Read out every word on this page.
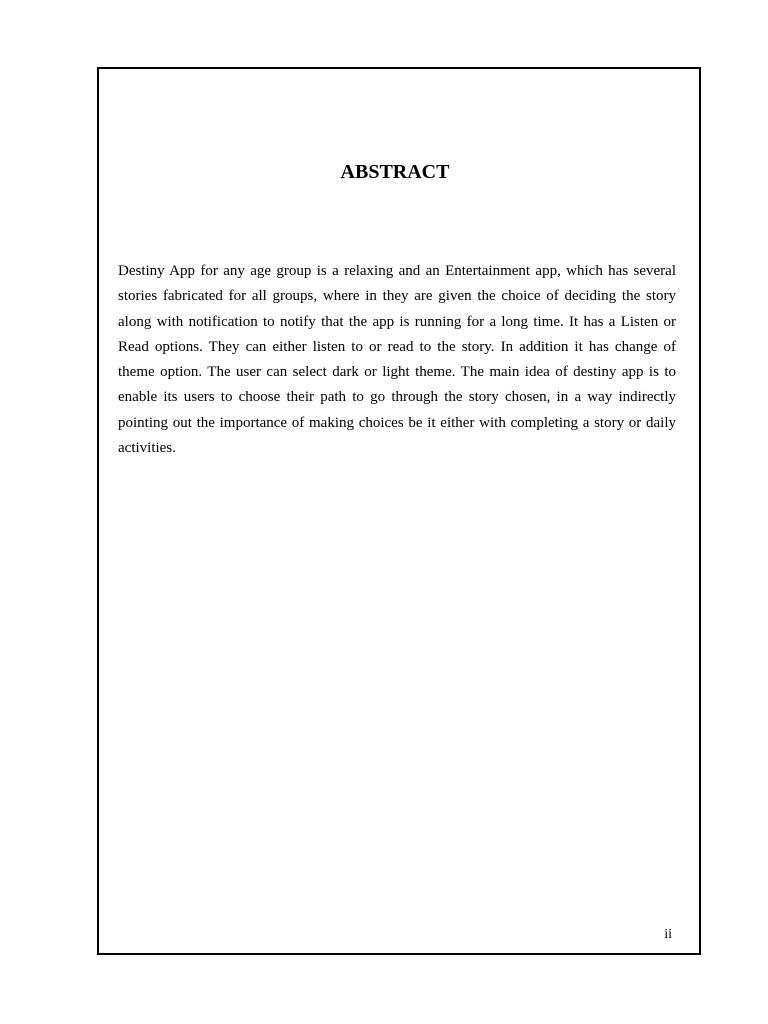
ABSTRACT

Destiny App for any age group is a relaxing and an Entertainment app, which has several stories fabricated for all groups, where in they are given the choice of deciding the story along with notification to notify that the app is running for a long time. It has a Listen or Read options. They can either listen to or read to the story. In addition it has change of theme option. The user can select dark or light theme. The main idea of destiny app is to enable its users to choose their path to go through the story chosen, in a way indirectly pointing out the importance of making choices be it either with completing a story or daily activities.

ii
